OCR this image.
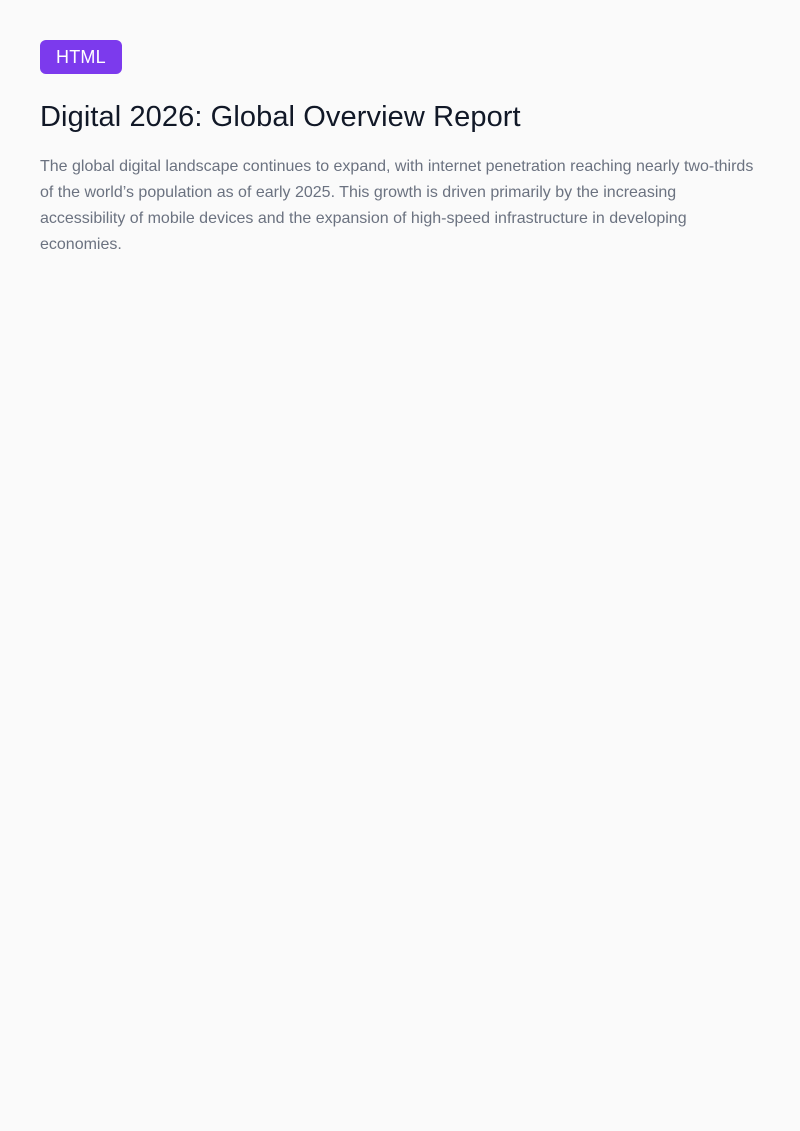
HTML
Digital 2026: Global Overview Report

The global digital landscape continues to expand, with internet penetration reaching nearly two-thirds of the world’s population as of early 2025. This growth is driven primarily by the increasing accessibility of mobile devices and the expansion of high-speed infrastructure in developing economies.
